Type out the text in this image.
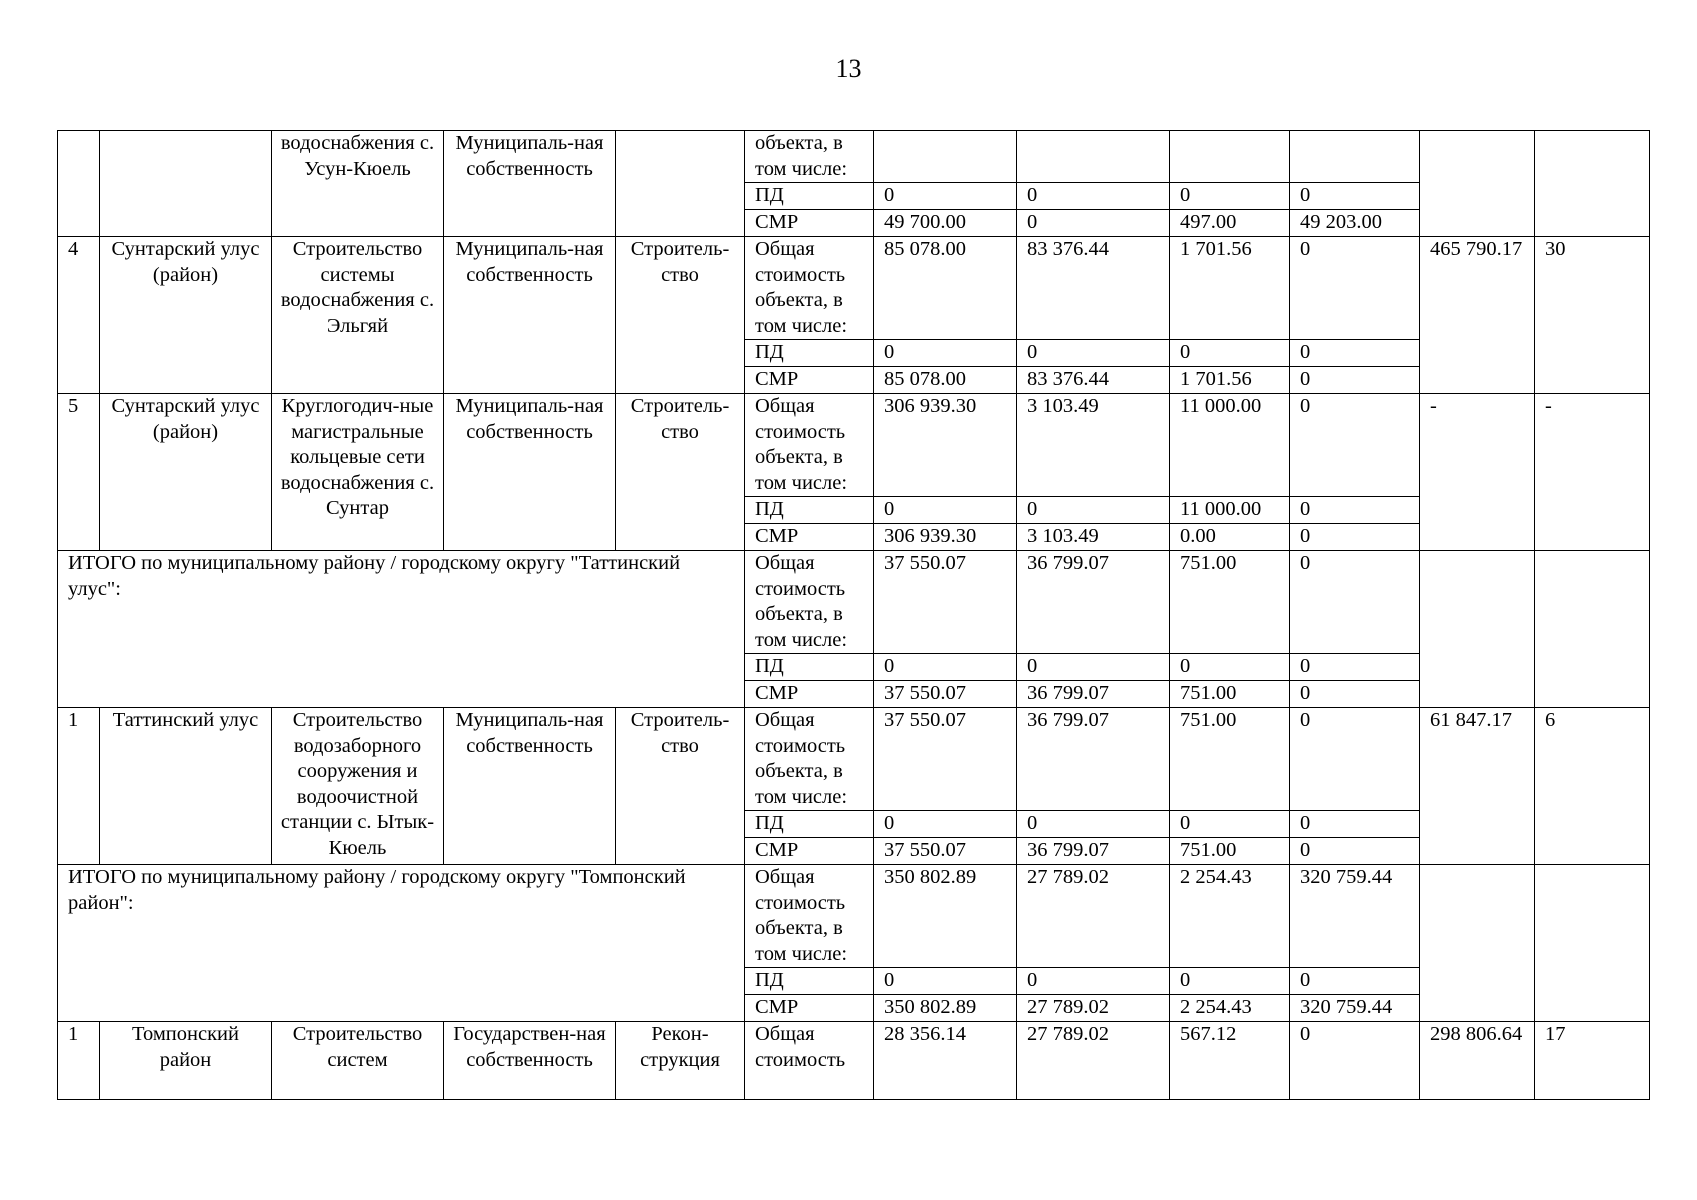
13
		водоснабжения с. Усун-Кюель	Муниципаль-ная собственность		объекта, в том числе:						
					ПД	0	0	0	0		
					СМР	49 700.00	0	497.00	49 203.00		
4	Сунтарский улус (район)	Строительство системы водоснабжения с. Эльгяй	Муниципаль-ная собственность	Строитель-ство	Общая стоимость объекта, в том числе:	85 078.00	83 376.44	1 701.56	0	465 790.17	30
					ПД	0	0	0	0		
					СМР	85 078.00	83 376.44	1 701.56	0		
5	Сунтарский улус (район)	Круглогодич-ные магистральные кольцевые сети водоснабжения с. Сунтар	Муниципаль-ная собственность	Строитель-ство	Общая стоимость объекта, в том числе:	306 939.30	3 103.49	11 000.00	0	-	-
					ПД	0	0	11 000.00	0		
					СМР	306 939.30	3 103.49	0.00	0		
ИТОГО по муниципальному району / городскому округу "Таттинский улус":					Общая стоимость объекта, в том числе:	37 550.07	36 799.07	751.00	0		
					ПД	0	0	0	0		
					СМР	37 550.07	36 799.07	751.00	0		
1	Таттинский улус	Строительство водозаборного сооружения и водоочистной станции с. Ытык-Кюель	Муниципаль-ная собственность	Строитель-ство	Общая стоимость объекта, в том числе:	37 550.07	36 799.07	751.00	0	61 847.17	6
					ПД	0	0	0	0		
					СМР	37 550.07	36 799.07	751.00	0		
ИТОГО по муниципальному району / городскому округу "Томпонский район":					Общая стоимость объекта, в том числе:	350 802.89	27 789.02	2 254.43	320 759.44		
					ПД	0	0	0	0		
					СМР	350 802.89	27 789.02	2 254.43	320 759.44		
1	Томпонский район	Строительство систем	Государствен-ная собственность	Рекон-струкция	Общая стоимость	28 356.14	27 789.02	567.12	0	298 806.64	17
